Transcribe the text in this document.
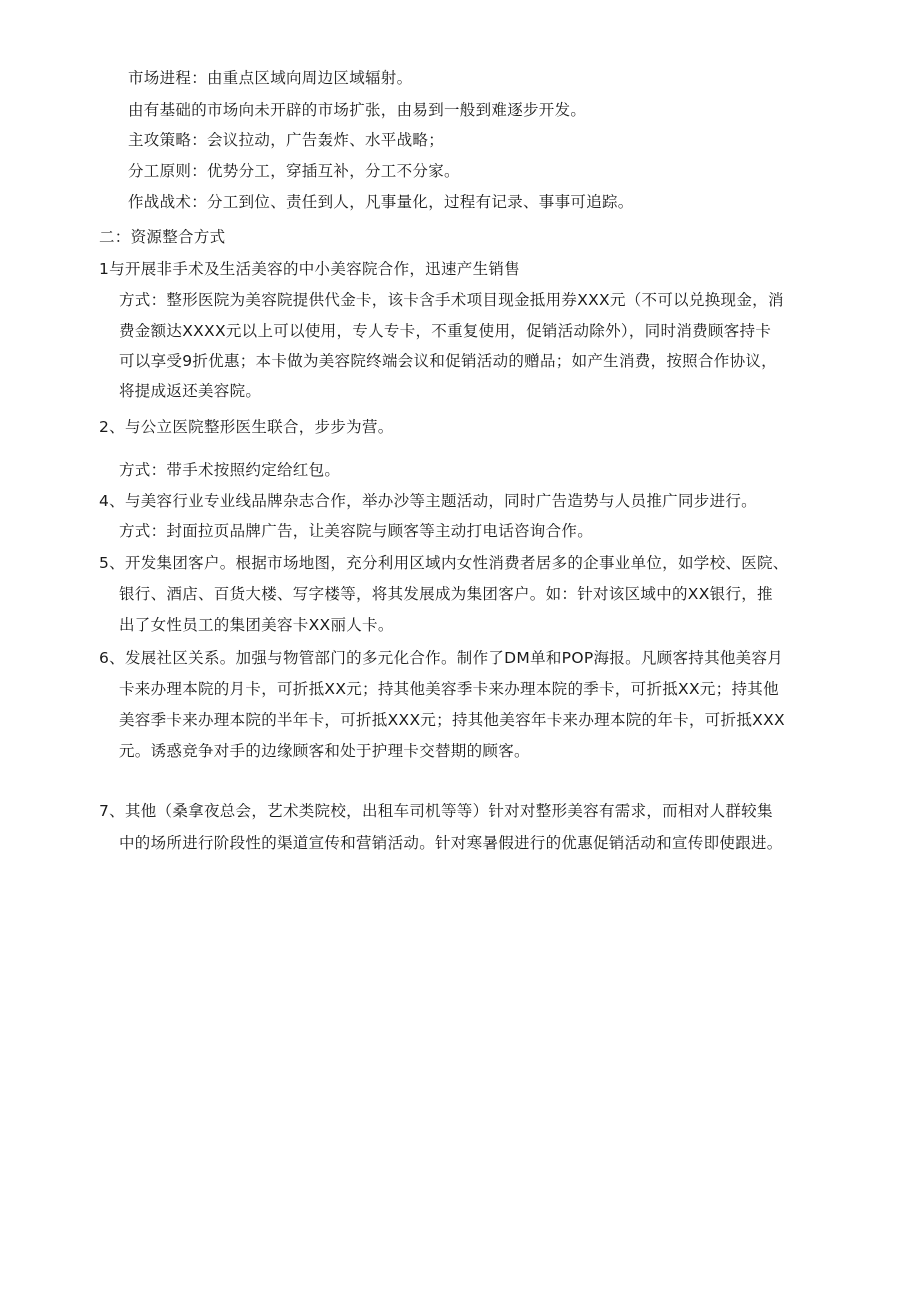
市场进程：由重点区域向周边区域辐射。
由有基础的市场向未开辟的市场扩张，由易到一般到难逐步开发。
主攻策略：会议拉动，广告轰炸、水平战略；
分工原则：优势分工，穿插互补，分工不分家。
作战战术：分工到位、责任到人，凡事量化，过程有记录、事事可追踪。
二：资源整合方式
1与开展非手术及生活美容的中小美容院合作，迅速产生销售
方式：整形医院为美容院提供代金卡，该卡含手术项目现金抵用券XXX元（不可以兑换现金，消
费金额达XXXX元以上可以使用，专人专卡，不重复使用，促销活动除外），同时消费顾客持卡
可以享受9折优惠；本卡做为美容院终端会议和促销活动的赠品；如产生消费，按照合作协议，
将提成返还美容院。
2、与公立医院整形医生联合，步步为营。
方式：带手术按照约定给红包。
4、与美容行业专业线品牌杂志合作，举办沙等主题活动，同时广告造势与人员推广同步进行。
方式：封面拉页品牌广告，让美容院与顾客等主动打电话咨询合作。
5、开发集团客户。根据市场地图，充分利用区域内女性消费者居多的企事业单位，如学校、医院、
银行、酒店、百货大楼、写字楼等，将其发展成为集团客户。如：针对该区域中的XX银行，推
出了女性员工的集团美容卡XX丽人卡。
6、发展社区关系。加强与物管部门的多元化合作。制作了DM单和POP海报。凡顾客持其他美容月
卡来办理本院的月卡，可折抵XX元；持其他美容季卡来办理本院的季卡，可折抵XX元；持其他
美容季卡来办理本院的半年卡，可折抵XXX元；持其他美容年卡来办理本院的年卡，可折抵XXX
元。诱惑竞争对手的边缘顾客和处于护理卡交替期的顾客。
7、其他（桑拿夜总会，艺术类院校，出租车司机等等）针对对整形美容有需求，而相对人群较集
中的场所进行阶段性的渠道宣传和营销活动。针对寒暑假进行的优惠促销活动和宣传即使跟进。
